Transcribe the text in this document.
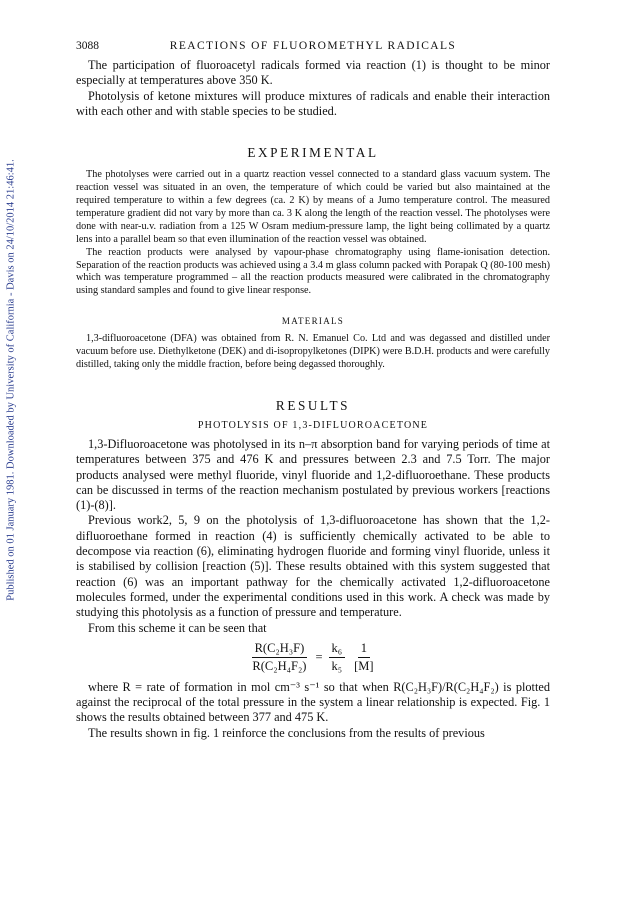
Published on 01 January 1981. Downloaded by University of California - Davis on 24/10/2014 21:46:41.
3088	REACTIONS OF FLUOROMETHYL RADICALS

The participation of fluoroacetyl radicals formed via reaction (1) is thought to be minor especially at temperatures above 350 K.

Photolysis of ketone mixtures will produce mixtures of radicals and enable their interaction with each other and with stable species to be studied.

EXPERIMENTAL

The photolyses were carried out in a quartz reaction vessel connected to a standard glass vacuum system. The reaction vessel was situated in an oven, the temperature of which could be varied but also maintained at the required temperature to within a few degrees (ca. 2 K) by means of a Jumo temperature control. The measured temperature gradient did not vary by more than ca. 3 K along the length of the reaction vessel. The photolyses were done with near-u.v. radiation from a 125 W Osram medium-pressure lamp, the light being collimated by a quartz lens into a parallel beam so that even illumination of the reaction vessel was obtained.

The reaction products were analysed by vapour-phase chromatography using flame-ionisation detection. Separation of the reaction products was achieved using a 3.4 m glass column packed with Porapak Q (80-100 mesh) which was temperature programmed – all the reaction products measured were calibrated in the chromatography using standard samples and found to give linear response.

MATERIALS

1,3-difluoroacetone (DFA) was obtained from R. N. Emanuel Co. Ltd and was degassed and distilled under vacuum before use. Diethylketone (DEK) and di-isopropylketones (DIPK) were B.D.H. products and were carefully distilled, taking only the middle fraction, before being degassed thoroughly.

RESULTS
PHOTOLYSIS OF 1,3-DIFLUOROACETONE

1,3-Difluoroacetone was photolysed in its n–π absorption band for varying periods of time at temperatures between 375 and 476 K and pressures between 2.3 and 7.5 Torr. The major products analysed were methyl fluoride, vinyl fluoride and 1,2-difluoroethane. These products can be discussed in terms of the reaction mechanism postulated by previous workers [reactions (1)-(8)].

Previous work2, 5, 9 on the photolysis of 1,3-difluoroacetone has shown that the 1,2-difluoroethane formed in reaction (4) is sufficiently chemically activated to be able to decompose via reaction (6), eliminating hydrogen fluoride and forming vinyl fluoride, unless it is stabilised by collision [reaction (5)]. These results obtained with this system suggested that reaction (6) was an important pathway for the chemically activated 1,2-difluoroacetone molecules formed, under the experimental conditions used in this work. A check was made by studying this photolysis as a function of pressure and temperature.

From this scheme it can be seen that

$\frac{\text{R(C₂H₃F)}}{\text{R(C₂H₄F₂)}} = \frac{\text{k₆}}{\text{k₅}} \frac{1}{[M]}$

where R = rate of formation in mol cm⁻³ s⁻¹ so that when R(C₂H₃F)/R(C₂H₄F₂) is plotted against the reciprocal of the total pressure in the system a linear relationship is expected. Fig. 1 shows the results obtained between 377 and 475 K.

The results shown in fig. 1 reinforce the conclusions from the results of previous
